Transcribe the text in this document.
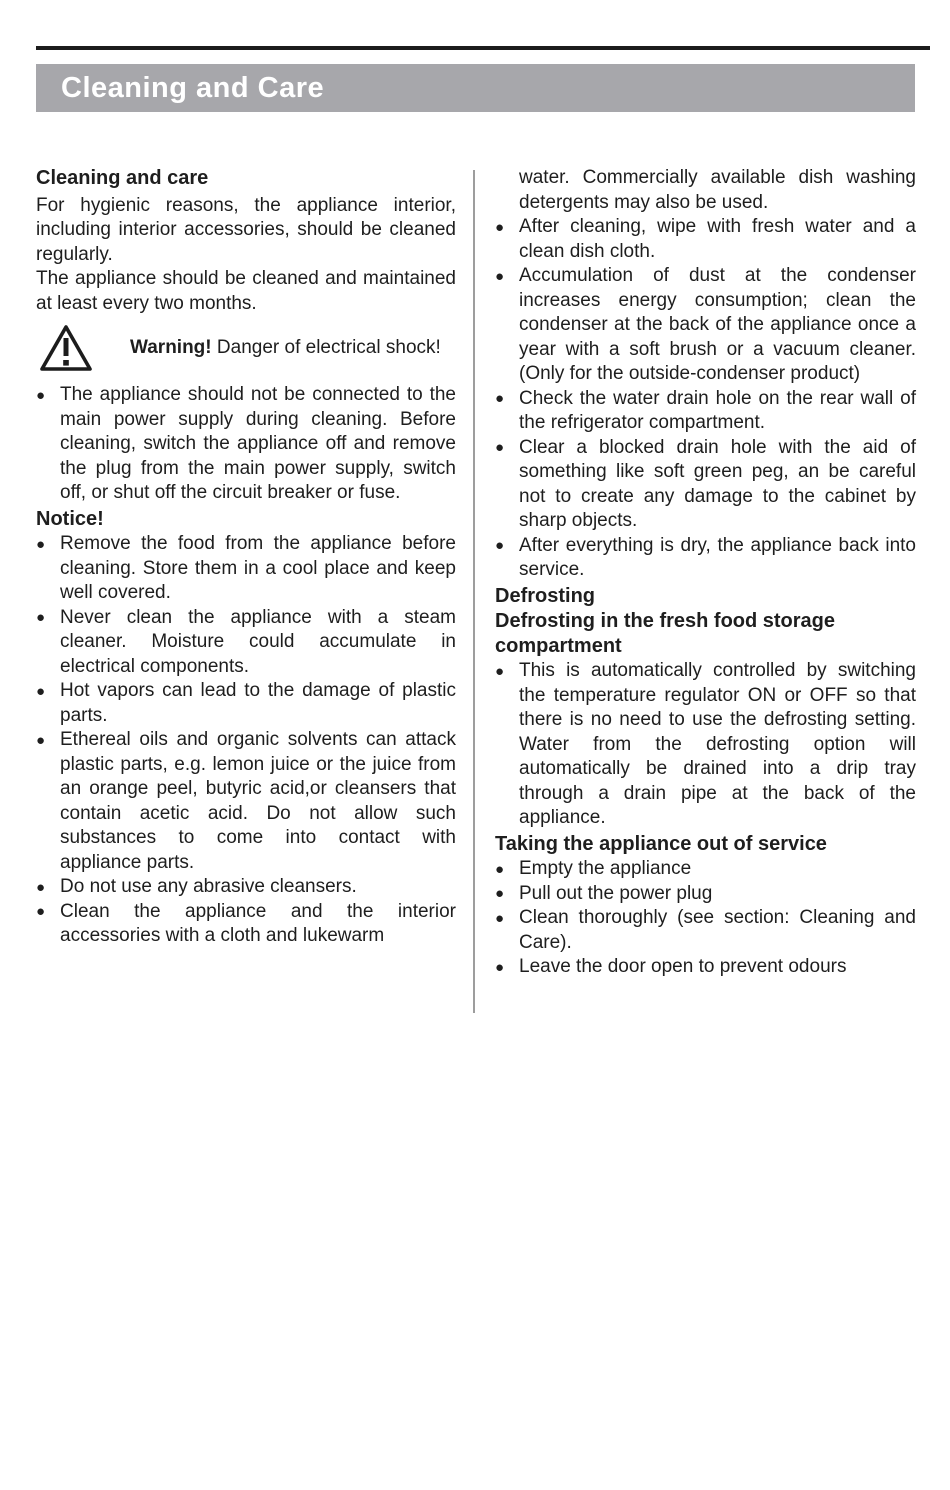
Cleaning and Care
Cleaning and care

For hygienic reasons, the appliance interior, including interior accessories, should be cleaned regularly.

The appliance should be cleaned and maintained at least every two months.

Warning! Danger of electrical shock!
● The appliance should not be connected to the main power supply during cleaning. Before cleaning, switch the appliance off and remove the plug from the main power supply, switch off, or shut off the circuit breaker or fuse.
Notice!
● Remove the food from the appliance before cleaning. Store them in a cool place and keep well covered.
● Never clean the appliance with a steam cleaner. Moisture could accumulate in electrical components.
● Hot vapors can lead to the damage of plastic parts.
● Ethereal oils and organic solvents can attack plastic parts, e.g. lemon juice or the juice from an orange peel, butyric acid,or cleansers that contain acetic acid. Do not allow such substances to come into contact with appliance parts.
● Do not use any abrasive cleansers.
● Clean the appliance and the interior accessories with a cloth and lukewarm
water. Commercially available dish washing detergents may also be used.
● After cleaning, wipe with fresh water and a clean dish cloth.
● Accumulation of dust at the condenser increases energy consumption; clean the condenser at the back of the appliance once a year with a soft brush or a vacuum cleaner.(Only for the outside-condenser product)
● Check the water drain hole on the rear wall of the refrigerator compartment.
● Clear a blocked drain hole with the aid of something like soft green peg, an be careful not to create any damage to the cabinet by sharp objects.
● After everything is dry, the appliance back into service.
Defrosting
Defrosting in the fresh food storage compartment
● This is automatically controlled by switching the temperature regulator ON or OFF so that there is no need to use the defrosting setting. Water from the defrosting option will automatically be drained into a drip tray through a drain pipe at the back of the appliance.
Taking the appliance out of service
● Empty the appliance
● Pull out the power plug
● Clean thoroughly (see section: Cleaning and Care).
● Leave the door open to prevent odours
